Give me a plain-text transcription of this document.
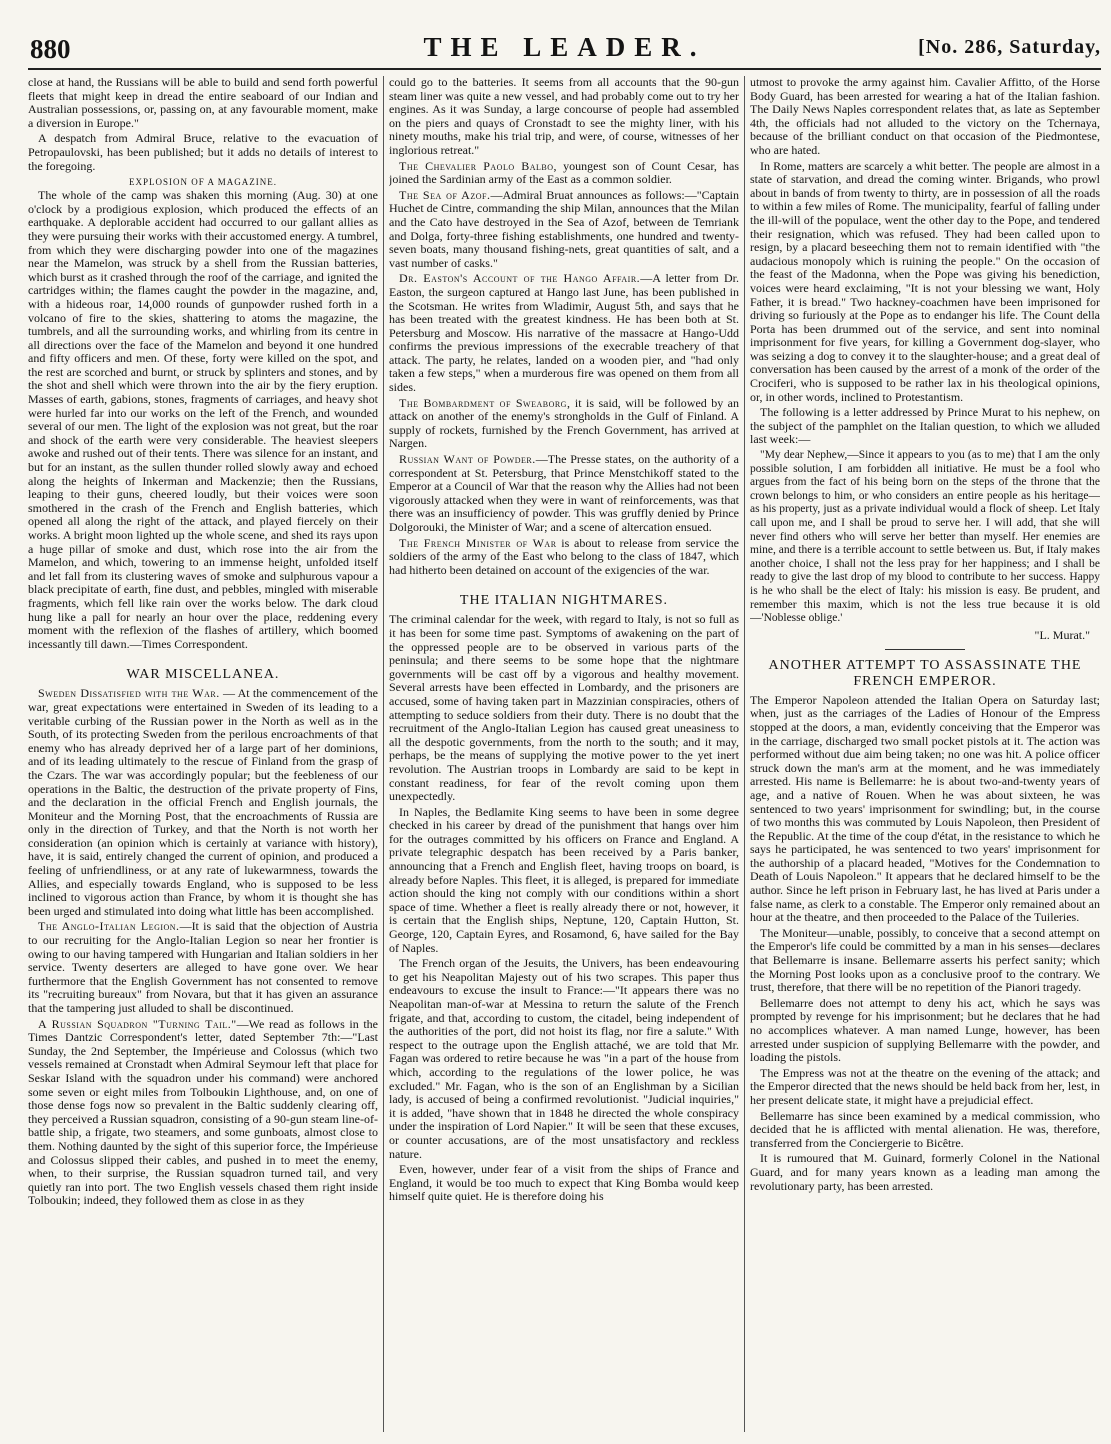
880	THE LEADER.	[No. 286, Saturday,

close at hand, the Russians will be able to build and send forth powerful fleets that might keep in dread the entire seaboard of our Indian and Australian possessions, or, passing on, at any favourable moment, make a diversion in Europe."

A despatch from Admiral Bruce, relative to the evacuation of Petropaulovski, has been published; but it adds no details of interest to the foregoing.

EXPLOSION OF A MAGAZINE.

The whole of the camp was shaken this morning (Aug. 30) at one o'clock by a prodigious explosion, which produced the effects of an earthquake. A deplorable accident had occurred to our gallant allies as they were pursuing their works with their accustomed energy. A tumbrel, from which they were discharging powder into one of the magazines near the Mamelon, was struck by a shell from the Russian batteries, which burst as it crashed through the roof of the carriage, and ignited the cartridges within; the flames caught the powder in the magazine, and, with a hideous roar, 14,000 rounds of gunpowder rushed forth in a volcano of fire to the skies, shattering to atoms the magazine, the tumbrels, and all the surrounding works, and whirling from its centre in all directions over the face of the Mamelon and beyond it one hundred and fifty officers and men. Of these, forty were killed on the spot, and the rest are scorched and burnt, or struck by splinters and stones, and by the shot and shell which were thrown into the air by the fiery eruption. Masses of earth, gabions, stones, fragments of carriages, and heavy shot were hurled far into our works on the left of the French, and wounded several of our men. The light of the explosion was not great, but the roar and shock of the earth were very considerable. The heaviest sleepers awoke and rushed out of their tents. There was silence for an instant, and but for an instant, as the sullen thunder rolled slowly away and echoed along the heights of Inkerman and Mackenzie; then the Russians, leaping to their guns, cheered loudly, but their voices were soon smothered in the crash of the French and English batteries, which opened all along the right of the attack, and played fiercely on their works. A bright moon lighted up the whole scene, and shed its rays upon a huge pillar of smoke and dust, which rose into the air from the Mamelon, and which, towering to an immense height, unfolded itself and let fall from its clustering waves of smoke and sulphurous vapour a black precipitate of earth, fine dust, and pebbles, mingled with miserable fragments, which fell like rain over the works below. The dark cloud hung like a pall for nearly an hour over the place, reddening every moment with the reflexion of the flashes of artillery, which boomed incessantly till dawn.—Times Correspondent.

WAR MISCELLANEA.

Sweden Dissatisfied with the War. — At the commencement of the war, great expectations were entertained in Sweden of its leading to a veritable curbing of the Russian power in the North as well as in the South, of its protecting Sweden from the perilous encroachments of that enemy who has already deprived her of a large part of her dominions, and of its leading ultimately to the rescue of Finland from the grasp of the Czars. The war was accordingly popular; but the feebleness of our operations in the Baltic, the destruction of the private property of Fins, and the declaration in the official French and English journals, the Moniteur and the Morning Post, that the encroachments of Russia are only in the direction of Turkey, and that the North is not worth her consideration (an opinion which is certainly at variance with history), have, it is said, entirely changed the current of opinion, and produced a feeling of unfriendliness, or at any rate of lukewarmness, towards the Allies, and especially towards England, who is supposed to be less inclined to vigorous action than France, by whom it is thought she has been urged and stimulated into doing what little has been accomplished.

The Anglo-Italian Legion.—It is said that the objection of Austria to our recruiting for the Anglo-Italian Legion so near her frontier is owing to our having tampered with Hungarian and Italian soldiers in her service. Twenty deserters are alleged to have gone over. We hear furthermore that the English Government has not consented to remove its "recruiting bureaux" from Novara, but that it has given an assurance that the tampering just alluded to shall be discontinued.

A Russian Squadron "Turning Tail."—We read as follows in the Times Dantzic Correspondent's letter, dated September 7th:—"Last Sunday, the 2nd September, the Impérieuse and Colossus (which two vessels remained at Cronstadt when Admiral Seymour left that place for Seskar Island with the squadron under his command) were anchored some seven or eight miles from Tolboukin Lighthouse, and, on one of those dense fogs now so prevalent in the Baltic suddenly clearing off, they perceived a Russian squadron, consisting of a 90-gun steam line-of-battle ship, a frigate, two steamers, and some gunboats, almost close to them. Nothing daunted by the sight of this superior force, the Impérieuse and Colossus slipped their cables, and pushed in to meet the enemy, when, to their surprise, the Russian squadron turned tail, and very quietly ran into port. The two English vessels chased them right inside Tolboukin; indeed, they followed them as close in as they

could go to the batteries. It seems from all accounts that the 90-gun steam liner was quite a new vessel, and had probably come out to try her engines. As it was Sunday, a large concourse of people had assembled on the piers and quays of Cronstadt to see the mighty liner, with his ninety mouths, make his trial trip, and were, of course, witnesses of her inglorious retreat."

The Chevalier Paolo Balbo, youngest son of Count Cesar, has joined the Sardinian army of the East as a common soldier.

The Sea of Azof.—Admiral Bruat announces as follows:—"Captain Huchet de Cintre, commanding the ship Milan, announces that the Milan and the Cato have destroyed in the Sea of Azof, between de Temriank and Dolga, forty-three fishing establishments, one hundred and twenty-seven boats, many thousand fishing-nets, great quantities of salt, and a vast number of casks."

Dr. Easton's Account of the Hango Affair.—A letter from Dr. Easton, the surgeon captured at Hango last June, has been published in the Scotsman. He writes from Wladimir, August 5th, and says that he has been treated with the greatest kindness. He has been both at St. Petersburg and Moscow. His narrative of the massacre at Hango-Udd confirms the previous impressions of the execrable treachery of that attack. The party, he relates, landed on a wooden pier, and "had only taken a few steps," when a murderous fire was opened on them from all sides.

The Bombardment of Sweaborg, it is said, will be followed by an attack on another of the enemy's strongholds in the Gulf of Finland. A supply of rockets, furnished by the French Government, has arrived at Nargen.

Russian Want of Powder.—The Presse states, on the authority of a correspondent at St. Petersburg, that Prince Menstchikoff stated to the Emperor at a Council of War that the reason why the Allies had not been vigorously attacked when they were in want of reinforcements, was that there was an insufficiency of powder. This was gruffly denied by Prince Dolgorouki, the Minister of War; and a scene of altercation ensued.

The French Minister of War is about to release from service the soldiers of the army of the East who belong to the class of 1847, which had hitherto been detained on account of the exigencies of the war.

THE ITALIAN NIGHTMARES.

The criminal calendar for the week, with regard to Italy, is not so full as it has been for some time past. Symptoms of awakening on the part of the oppressed people are to be observed in various parts of the peninsula; and there seems to be some hope that the nightmare governments will be cast off by a vigorous and healthy movement. Several arrests have been effected in Lombardy, and the prisoners are accused, some of having taken part in Mazzinian conspiracies, others of attempting to seduce soldiers from their duty. There is no doubt that the recruitment of the Anglo-Italian Legion has caused great uneasiness to all the despotic governments, from the north to the south; and it may, perhaps, be the means of supplying the motive power to the yet inert revolution. The Austrian troops in Lombardy are said to be kept in constant readiness, for fear of the revolt coming upon them unexpectedly.

In Naples, the Bedlamite King seems to have been in some degree checked in his career by dread of the punishment that hangs over him for the outrages committed by his officers on France and England. A private telegraphic despatch has been received by a Paris banker, announcing that a French and English fleet, having troops on board, is already before Naples. This fleet, it is alleged, is prepared for immediate action should the king not comply with our conditions within a short space of time. Whether a fleet is really already there or not, however, it is certain that the English ships, Neptune, 120, Captain Hutton, St. George, 120, Captain Eyres, and Rosamond, 6, have sailed for the Bay of Naples.

The French organ of the Jesuits, the Univers, has been endeavouring to get his Neapolitan Majesty out of his two scrapes. This paper thus endeavours to excuse the insult to France:—"It appears there was no Neapolitan man-of-war at Messina to return the salute of the French frigate, and that, according to custom, the citadel, being independent of the authorities of the port, did not hoist its flag, nor fire a salute." With respect to the outrage upon the English attaché, we are told that Mr. Fagan was ordered to retire because he was "in a part of the house from which, according to the regulations of the lower police, he was excluded." Mr. Fagan, who is the son of an Englishman by a Sicilian lady, is accused of being a confirmed revolutionist. "Judicial inquiries," it is added, "have shown that in 1848 he directed the whole conspiracy under the inspiration of Lord Napier." It will be seen that these excuses, or counter accusations, are of the most unsatisfactory and reckless nature.

Even, however, under fear of a visit from the ships of France and England, it would be too much to expect that King Bomba would keep himself quite quiet. He is therefore doing his

utmost to provoke the army against him. Cavalier Affitto, of the Horse Body Guard, has been arrested for wearing a hat of the Italian fashion. The Daily News Naples correspondent relates that, as late as September 4th, the officials had not alluded to the victory on the Tchernaya, because of the brilliant conduct on that occasion of the Piedmontese, who are hated.

In Rome, matters are scarcely a whit better. The people are almost in a state of starvation, and dread the coming winter. Brigands, who prowl about in bands of from twenty to thirty, are in possession of all the roads to within a few miles of Rome. The municipality, fearful of falling under the ill-will of the populace, went the other day to the Pope, and tendered their resignation, which was refused. They had been called upon to resign, by a placard beseeching them not to remain identified with "the audacious monopoly which is ruining the people." On the occasion of the feast of the Madonna, when the Pope was giving his benediction, voices were heard exclaiming, "It is not your blessing we want, Holy Father, it is bread." Two hackney-coachmen have been imprisoned for driving so furiously at the Pope as to endanger his life. The Count della Porta has been drummed out of the service, and sent into nominal imprisonment for five years, for killing a Government dog-slayer, who was seizing a dog to convey it to the slaughter-house; and a great deal of conversation has been caused by the arrest of a monk of the order of the Crociferi, who is supposed to be rather lax in his theological opinions, or, in other words, inclined to Protestantism.

The following is a letter addressed by Prince Murat to his nephew, on the subject of the pamphlet on the Italian question, to which we alluded last week:—

"My dear Nephew,—Since it appears to you (as to me) that I am the only possible solution, I am forbidden all initiative. He must be a fool who argues from the fact of his being born on the steps of the throne that the crown belongs to him, or who considers an entire people as his heritage—as his property, just as a private individual would a flock of sheep. Let Italy call upon me, and I shall be proud to serve her. I will add, that she will never find others who will serve her better than myself. Her enemies are mine, and there is a terrible account to settle between us. But, if Italy makes another choice, I shall not the less pray for her happiness; and I shall be ready to give the last drop of my blood to contribute to her success. Happy is he who shall be the elect of Italy: his mission is easy. Be prudent, and remember this maxim, which is not the less true because it is old—'Noblesse oblige.'

"L. Murat."
ANOTHER ATTEMPT TO ASSASSINATE THE FRENCH EMPEROR.

The Emperor Napoleon attended the Italian Opera on Saturday last; when, just as the carriages of the Ladies of Honour of the Empress stopped at the doors, a man, evidently conceiving that the Emperor was in the carriage, discharged two small pocket pistols at it. The action was performed without due aim being taken; no one was hit. A police officer struck down the man's arm at the moment, and he was immediately arrested. His name is Bellemarre: he is about two-and-twenty years of age, and a native of Rouen. When he was about sixteen, he was sentenced to two years' imprisonment for swindling; but, in the course of two months this was commuted by Louis Napoleon, then President of the Republic. At the time of the coup d'état, in the resistance to which he says he participated, he was sentenced to two years' imprisonment for the authorship of a placard headed, "Motives for the Condemnation to Death of Louis Napoleon." It appears that he declared himself to be the author. Since he left prison in February last, he has lived at Paris under a false name, as clerk to a constable. The Emperor only remained about an hour at the theatre, and then proceeded to the Palace of the Tuileries.

The Moniteur—unable, possibly, to conceive that a second attempt on the Emperor's life could be committed by a man in his senses—declares that Bellemarre is insane. Bellemarre asserts his perfect sanity; which the Morning Post looks upon as a conclusive proof to the contrary. We trust, therefore, that there will be no repetition of the Pianori tragedy.

Bellemarre does not attempt to deny his act, which he says was prompted by revenge for his imprisonment; but he declares that he had no accomplices whatever. A man named Lunge, however, has been arrested under suspicion of supplying Bellemarre with the powder, and loading the pistols.

The Empress was not at the theatre on the evening of the attack; and the Emperor directed that the news should be held back from her, lest, in her present delicate state, it might have a prejudicial effect.

Bellemarre has since been examined by a medical commission, who decided that he is afflicted with mental alienation. He was, therefore, transferred from the Conciergerie to Bicêtre.

It is rumoured that M. Guinard, formerly Colonel in the National Guard, and for many years known as a leading man among the revolutionary party, has been arrested.
